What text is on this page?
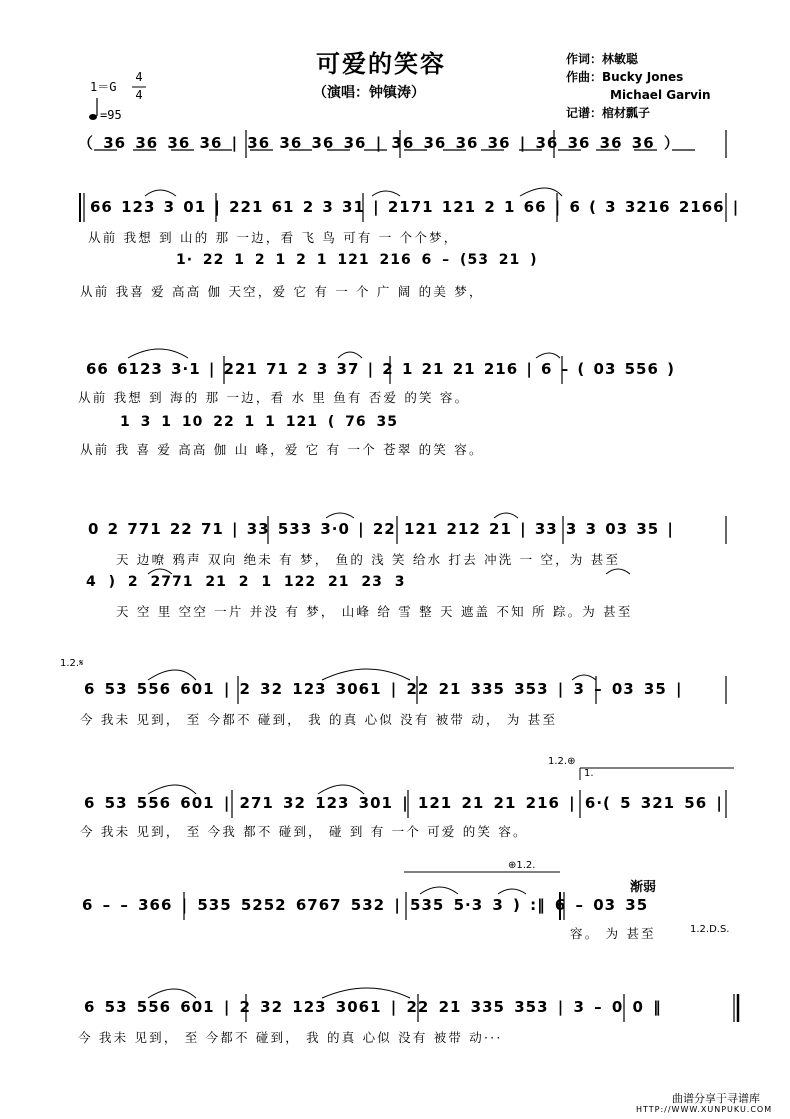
可爱的笑容
（演唱：钟镇涛）
作词：林敏聪
作曲：Bucky Jones
Michael Garvin
记谱：棺材瓢子
1＝G
4
4
=95
（ 36 36 36 36 | 36 36 36 36 | 36 36 36 36 | 36 36 36 36 ）
66 123 3 01 | 221 61 2 3 31 | 2171 121 2 1 66 | 6 ( 3 3216 2166 |
从前 我想 到 山的 那 一边，看 飞 鸟 可有 一 个个梦，
1· 22 1 2 1 2 1 121 216 6 – (53 21 )
从前 我喜 爱 高高 伽 天空，爱 它 有 一 个 广 阔 的美 梦，
66 6123 3·1 | 221 71 2 3 37 | 2 1 21 21 216 | 6 – ( 03 556 )
从前 我想 到 海的 那 一边，看 水 里 鱼有 否爱 的笑 容。
1 3 1 10 22 1 1 121 ( 76 35
从前 我 喜 爱 高高 伽 山 峰，爱 它 有 一个 苍翠 的笑 容。
0 2 771 22 71 | 33 533 3·0 | 22 121 212 21 | 33 3 3 03 35 |
天 边嘹 鸦声 双向 绝未 有 梦， 鱼的 浅 笑 给水 打去 冲洗 一 空，为 甚至
4 ) 2 2771 21 2 1 122 21 23 3
天 空 里 空空 一片 并没 有 梦， 山峰 给 雪 整 天 遮盖 不知 所 踪。为 甚至
1.2.𝄋
6 53 556 601 | 2 32 123 3061 | 22 21 335 353 | 3 – 03 35 |
今 我未 见到， 至 今都不 碰到， 我 的真 心似 没有 被带 动， 为 甚至
1.2.⊕
1.
6 53 556 601 | 271 32 123 301 | 121 21 21 216 | 6·( 5 321 56 |
今 我未 见到， 至 今我 都不 碰到， 碰 到 有 一个 可爱 的笑 容。
⊕1.2.
渐弱
6 – – 366 | 535 5252 6767 532 | 535 5·3 3 ) :‖ 6 – 03 35
容。 为 甚至	1.2.D.S.
6 53 556 601 | 2 32 123 3061 | 22 21 335 353 | 3 – 0 0 ‖
今 我未 见到， 至 今都不 碰到， 我 的真 心似 没有 被带 动···
曲谱分享于寻谱库
HTTP://WWW.XUNPUKU.COM
